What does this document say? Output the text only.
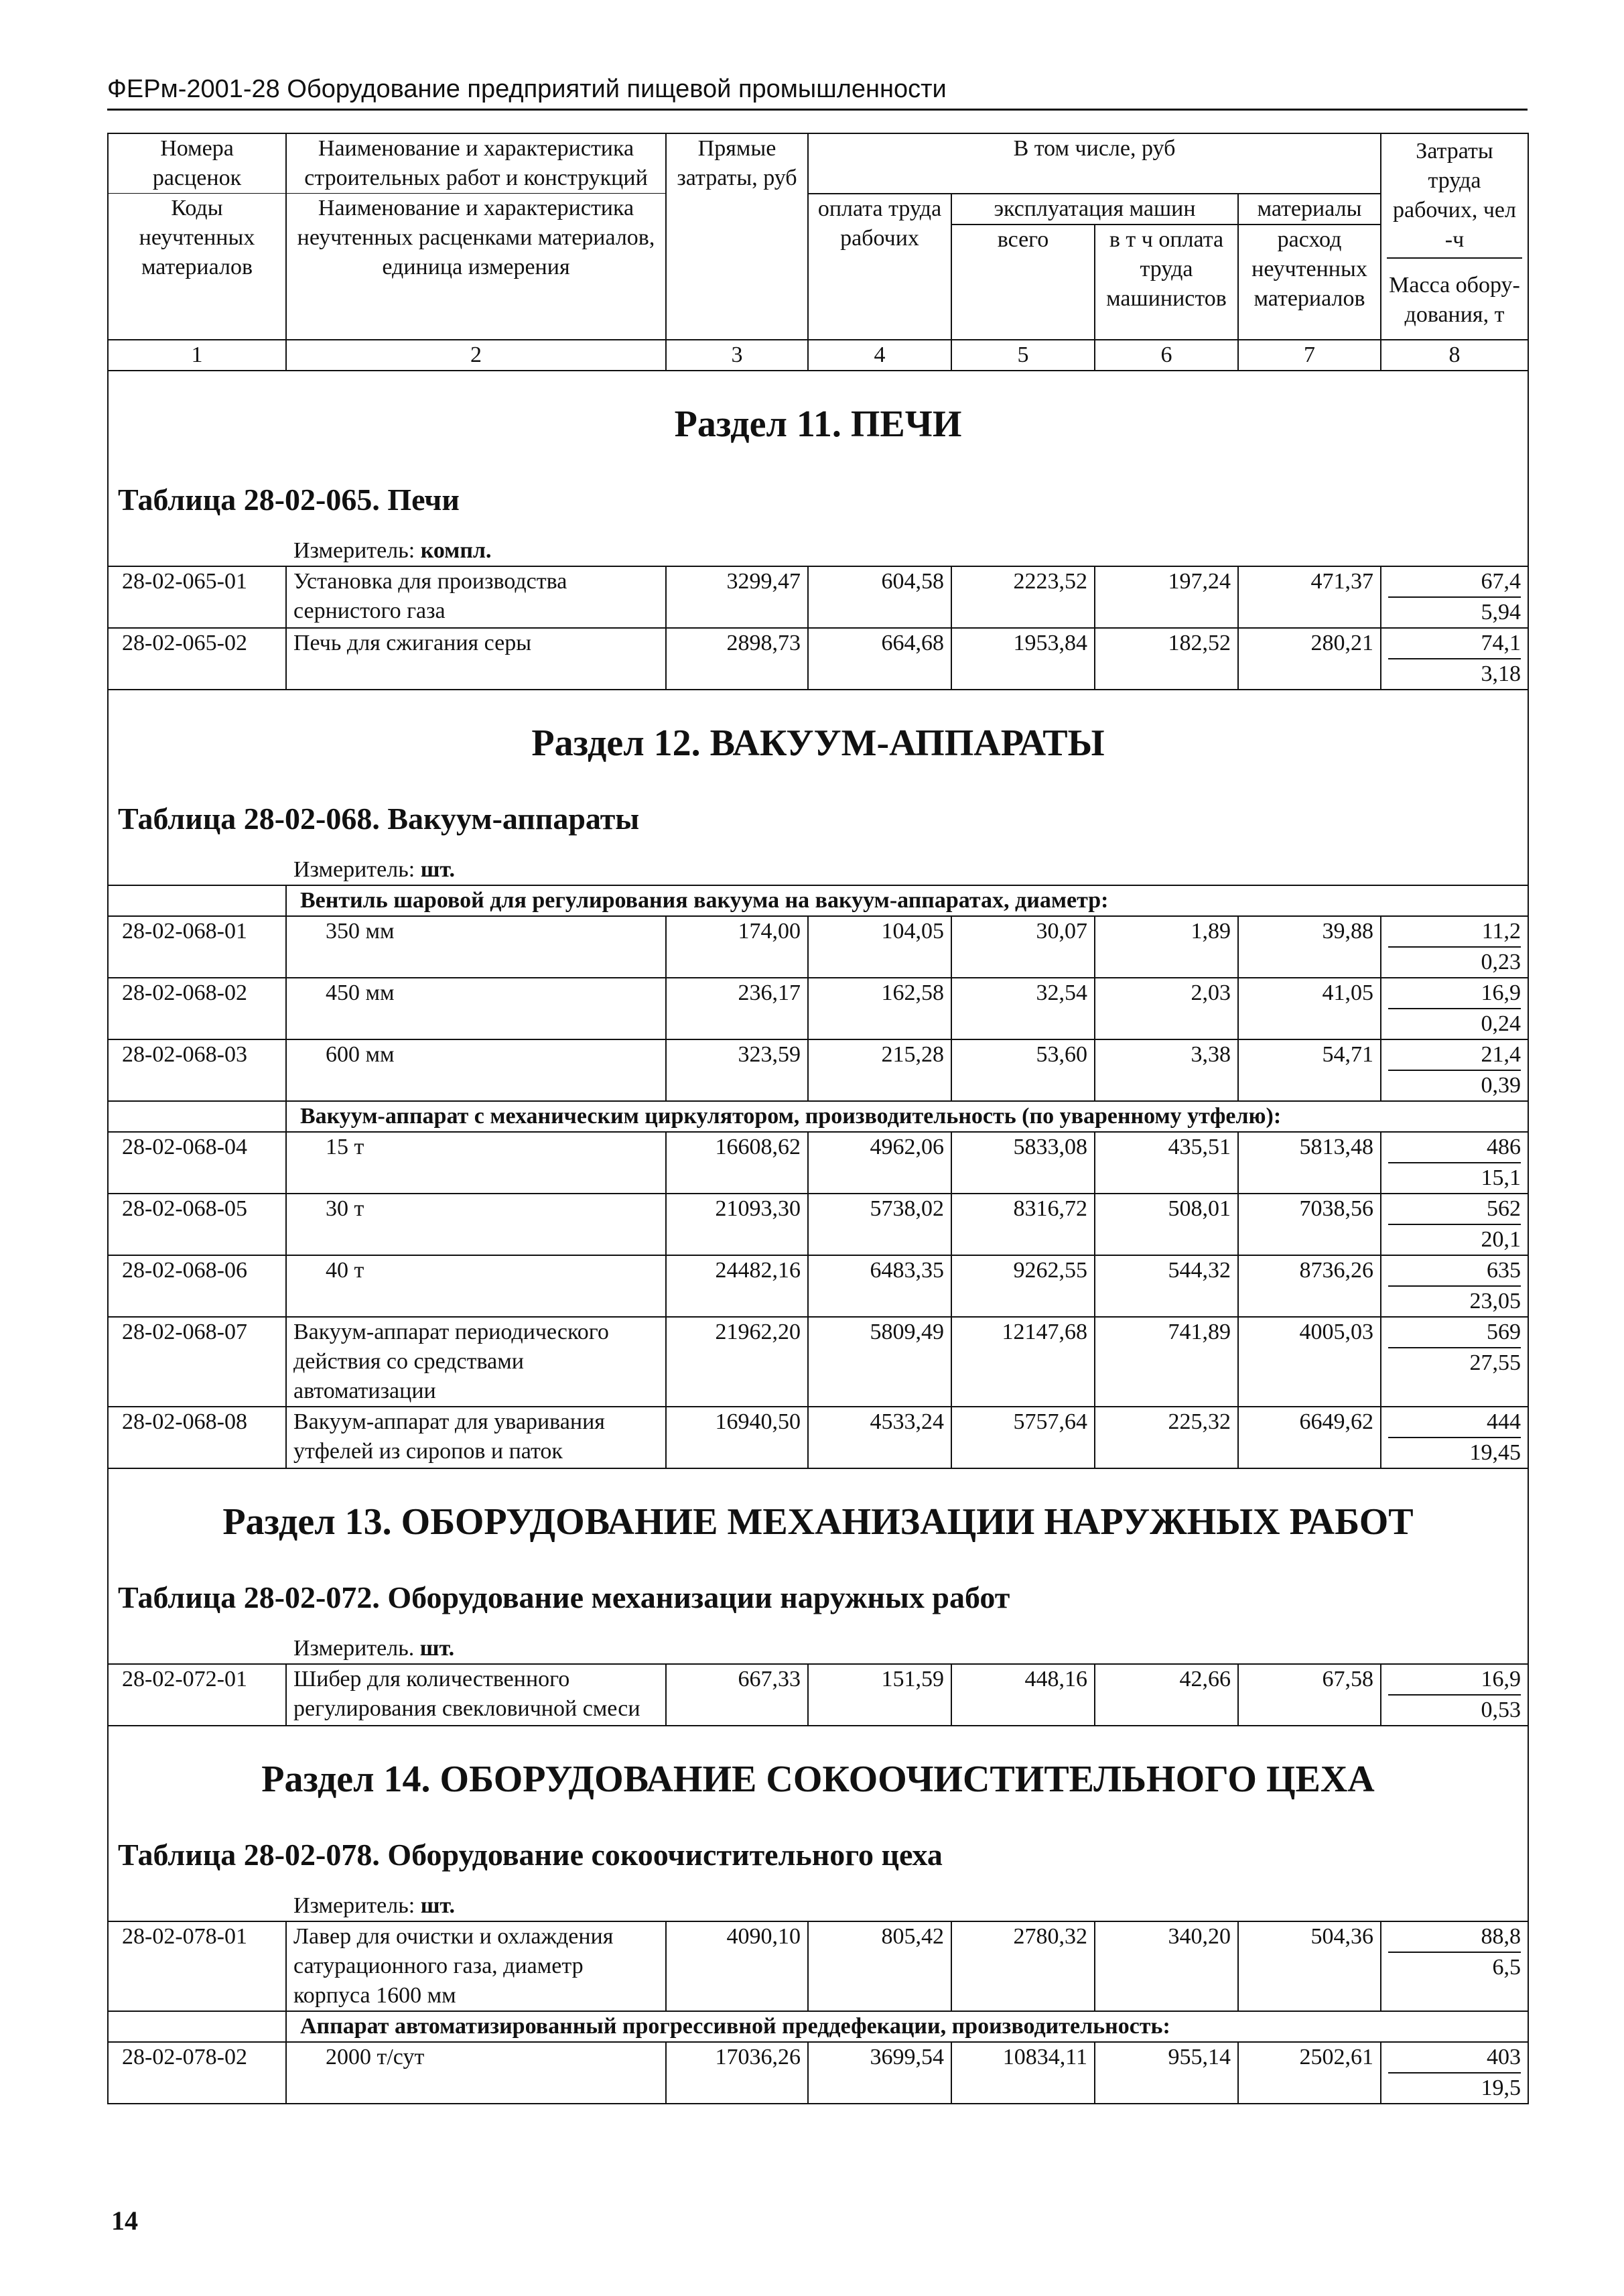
ФЕРм-2001-28 Оборудование предприятий пищевой промышленности
Номера расценок	Наименование и характеристика строительных работ и конструкций	Прямые затраты, руб	В том числе, руб				Затраты труда рабочих, чел -ч
Масса обору-дования, т

Коды неучтенных материалов	Наименование и характеристика неучтенных расценками материалов, единица измерения		оплата труда рабочих	эксплуатация машин		материалы	
				всего	в т ч оплата труда машинистов	расход неучтенных материалов	
1	2	3	4	5	6	7	8

Раздел 11. ПЕЧИ
Таблица 28-02-065. Печи
Измеритель: компл.							

28-02-065-01	Установка для производства сернистого газа	3299,47	604,58	2223,52	197,24	471,37	67,4
5,94

28-02-065-02	Печь для сжигания серы	2898,73	664,68	1953,84	182,52	280,21	74,1
3,18

Раздел 12. ВАКУУМ-АППАРАТЫ
Таблица 28-02-068. Вакуум-аппараты
Измеритель: шт.							

	Вентиль шаровой для регулирования вакуума на вакуум-аппаратах, диаметр:						
28-02-068-01	350 мм	174,00	104,05	30,07	1,89	39,88	11,2
0,23

28-02-068-02	450 мм	236,17	162,58	32,54	2,03	41,05	16,9
0,24

28-02-068-03	600 мм	323,59	215,28	53,60	3,38	54,71	21,4
0,39

	Вакуум-аппарат с механическим циркулятором, производительность (по уваренному утфелю):						
28-02-068-04	15 т	16608,62	4962,06	5833,08	435,51	5813,48	486
15,1

28-02-068-05	30 т	21093,30	5738,02	8316,72	508,01	7038,56	562
20,1

28-02-068-06	40 т	24482,16	6483,35	9262,55	544,32	8736,26	635
23,05

28-02-068-07	Вакуум-аппарат периодического действия со средствами автоматизации	21962,20	5809,49	12147,68	741,89	4005,03	569
27,55

28-02-068-08	Вакуум-аппарат для уваривания утфелей из сиропов и паток	16940,50	4533,24	5757,64	225,32	6649,62	444
19,45

Раздел 13. ОБОРУДОВАНИЕ МЕХАНИЗАЦИИ НАРУЖНЫХ РАБОТ
Таблица 28-02-072. Оборудование механизации наружных работ
Измеритель. шт.							

28-02-072-01	Шибер для количественного регулирования свекловичной смеси	667,33	151,59	448,16	42,66	67,58	16,9
0,53

Раздел 14. ОБОРУДОВАНИЕ СОКООЧИСТИТЕЛЬНОГО ЦЕХА
Таблица 28-02-078. Оборудование сокоочистительного цеха
Измеритель: шт.							

28-02-078-01	Лавер для очистки и охлаждения сатурационного газа, диаметр корпуса 1600 мм	4090,10	805,42	2780,32	340,20	504,36	88,8
6,5

	Аппарат автоматизированный прогрессивной преддефекации, производительность:						
28-02-078-02	2000 т/сут	17036,26	3699,54	10834,11	955,14	2502,61	403
19,5
14
